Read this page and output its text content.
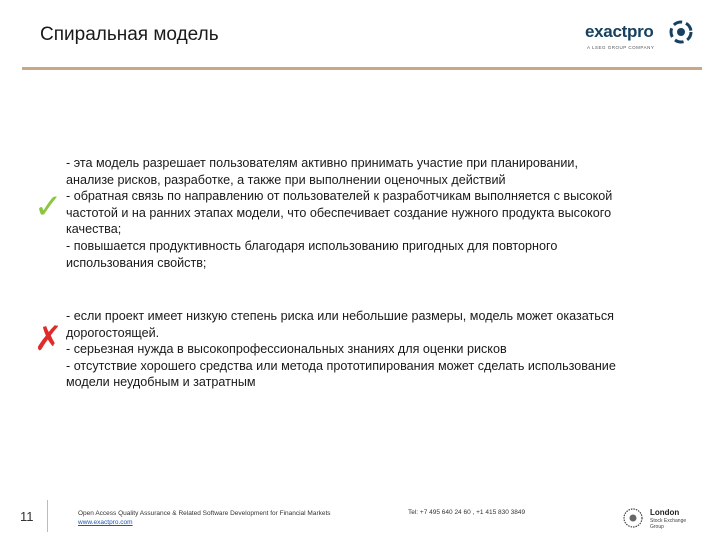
Спиральная модель	exactpro
A LSEG GROUP COMPANY
✓

- эта модель разрешает пользователям активно принимать участие при планировании,

анализе рисков, разработке, а также при выполнении оценочных действий

- обратная связь по направлению от пользователей к разработчикам выполняется с высокой

частотой и на ранних этапах модели, что обеспечивает создание нужного продукта высокого

качества;

- повышается продуктивность благодаря использованию пригодных для повторного

использования свойств;

✗

- если проект имеет низкую степень риска или небольшие размеры, модель может оказаться

дорогостоящей.

- серьезная нужда в высокопрофессиональных знаниях для оценки рисков

- отсутствие хорошего средства или метода прототипирования может сделать использование

модели неудобным и затратным

11	Open Access Quality Assurance & Related Software Development for Financial Markets
www.exactpro.com
Tel: +7 495 640 24 60 , +1 415 830 3849	London
Stock Exchange Group
